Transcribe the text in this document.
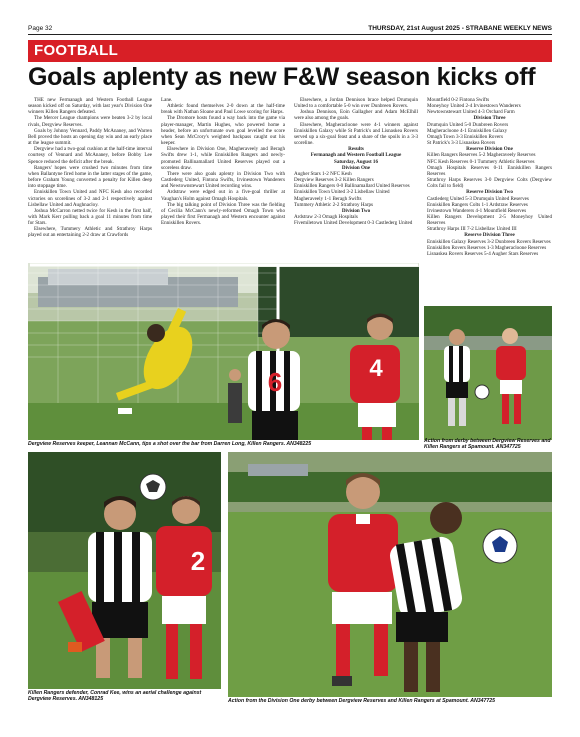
Page 32	THURSDAY, 21st August 2025 - STRABANE WEEKLY NEWS
FOOTBALL
Goals aplenty as new F&W season kicks off

THE new Fermanagh and Western Football League season kicked off on Saturday, with last year's Division One winners Killen Rangers defeated.

The Mercer League champions were beaten 3-2 by local rivals, Dergview Reserves.

Goals by Johnny Vennard, Paddy McAnaney, and Warren Bell proved the hosts an opening day win and an early place at the league summit.

Dergview had a two-goal cushion at the half-time interval courtesy of Vennard and McAnaney, before Bobby Lee Spence reduced the deficit after the break.

Rangers' hopes were crushed two minutes from time when Ballantyne fired home in the latter stages of the game, before Graham Young converted a penalty for Killen deep into stoppage time.

Enniskillen Town United and NFC Kesh also recorded victories on scorelines of 3-2 and 2-1 respectively against Lisbellaw United and Aughnacloy.

Joshua McCarron netted twice for Kesh in the first half, with Mark Kerr pulling back a goal 11 minutes from time for Stars.

Elsewhere, Tummery Athletic and Strathroy Harps played out an entertaining 2-2 draw at Crawfords

Lane.

Athletic found themselves 2-0 down at the half-time break with Nathan Sloane and Paul Lowe scoring for Harps.

The Dromore hosts found a way back into the game via player-manager, Martin Hughes, who powered home a header, before an unfortunate own goal levelled the score when Sean McCrory's weighted backpass caught out his keeper.

Elsewhere in Division One, Magheraveely and Beragh Swifts drew 1-1, while Enniskillen Rangers and newly-promoted Ballinamallard United Reserves played out a scoreless draw.

There were also goals aplenty in Division Two with Castlederg United, Fintona Swifts, Irvinestown Wanderers and Newtownstewart United recording wins.

Ardstraw were edged out in a five-goal thriller at Vaughan's Holm against Omagh Hospitals.

The big talking point of Division Three was the fielding of Cecilia McCann's newly-reformed Omagh Town who played their first Fermanagh and Western encounter against Enniskillen Rovers.

Elsewhere, a Jordan Dennison brace helped Drumquin United to a comfortable 5-0 win over Dunbreen Rovers.

Joshua Dennison, Eoin Gallagher and Adam McElhill were also among the goals.

Elsewhere, Magheracloone were 4-1 winners against Enniskillen Galaxy while St Patrick's and Lisnaskea Rovers served up a six-goal feast and a share of the spoils in a 3-3 scoreline.

Results

Fermanagh and Western Football League

Saturday, August 16

Division One

Augher Stars 1-2 NFC Kesh

Dergview Reserves 3-2 Killen Rangers

Enniskillen Rangers 0-0 Ballinamallard United Reserves

Enniskillen Town United 3-2 Lisbellaw United

Magheraveely 1-1 Beragh Swifts

Tummery Athletic 2-2 Strathroy Harps

Division Two

Ardstraw 2-3 Omagh Hospitals

Fivemiletown United Development 0-3 Castlederg United

Mountfield 0-2 Fintona Swifts

Moneyhoy United 2-4 Irvinestown Wanderers

Newtownstewart United 4-3 Orchard Farm

Division Three

Drumquin United 5-0 Dunbreen Rovers

Magheracloone 4-1 Enniskillen Galaxy

Omagh Town 3-3 Enniskillen Rovers

St Patrick's 3-3 Lisnaskea Rovers

Reserve Division One

Killen Rangers Reserves 5-2 Magheraveely Reserves

NFC Kesh Reserves 0-1 Tummery Athletic Reserves

Omagh Hospitals Reserves 0-11 Enniskillen Rangers Reserves

Strathroy Harps Reserves 3-0 Dergview Colts (Dergview Colts fail to field)

Reserve Division Two

Castlederg United 5-3 Drumquin United Reserves

Enniskillen Rangers Colts 1-1 Ardstraw Reserves

Irvinestown Wanderers 4-1 Mountfield Reserves

Killen Rangers Development 2-5 Moneyhoy United Reserves

Strathroy Harps III 7-2 Lisbellaw United III

Reserve Division Three

Enniskillen Galaxy Reserves 3-2 Dunbreen Rovers Reserves

Enniskillen Rovers Reserves 1-3 Magheracloone Reserves

Lisnaskea Rovers Reserves 5-4 Augher Stars Reserves

6	4
Dergview Reserves keeper, Leannan McCann, tips a shot over the bar from Darren Long, Killen Rangers. AN348225	Action from derby between Dergview Reserves and Killen Rangers at Spamount. AN347725
2
Killen Rangers defender, Conrad Kee, wins an aerial challenge against Dergview Reserves. AN348125	Action from the Division One derby between Dergview Reserves and Killen Rangers at Spamount. AN347725
